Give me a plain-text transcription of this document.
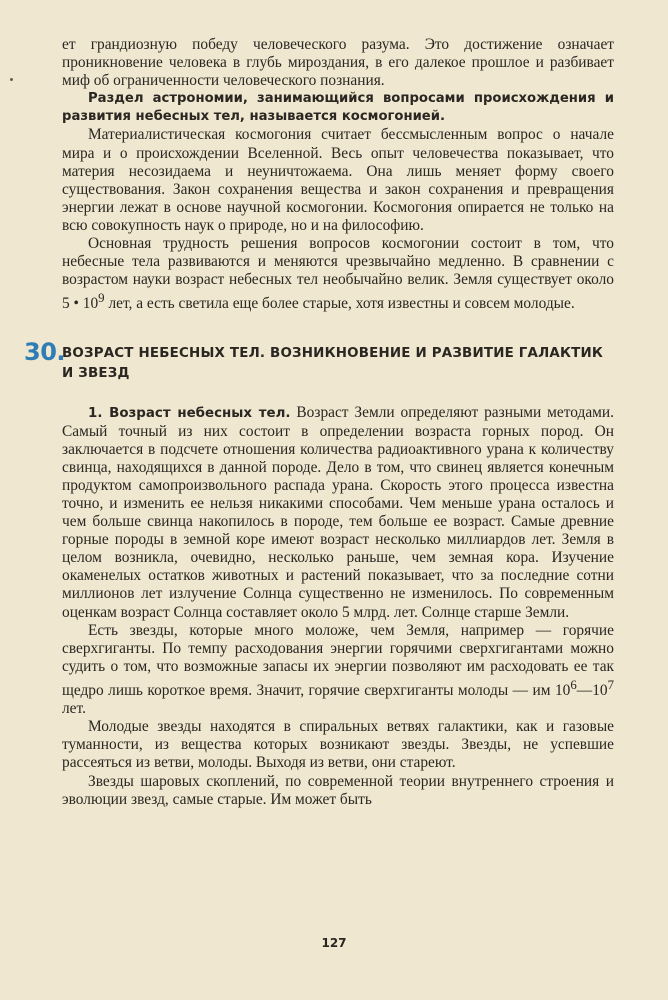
ет грандиозную победу человеческого разума. Это достижение означает проникновение человека в глубь мироздания, в его далекое прошлое и разбивает миф об ограниченности человеческого познания.

Раздел астрономии, занимающийся вопросами происхождения и развития небесных тел, называется космогонией.

Материалистическая космогония считает бессмысленным вопрос о начале мира и о происхождении Вселенной. Весь опыт человечества показывает, что материя несозидаема и неуничтожаема. Она лишь меняет форму своего существования. Закон сохранения вещества и закон сохранения и превращения энергии лежат в основе научной космогонии. Космогония опирается не только на всю совокупность наук о природе, но и на философию.

Основная трудность решения вопросов космогонии состоит в том, что небесные тела развиваются и меняются чрезвычайно медленно. В сравнении с возрастом науки возраст небесных тел необычайно велик. Земля существует около 5 • $10^9$ лет, а есть светила еще более старые, хотя известны и совсем молодые.

30.

ВОЗРАСТ НЕБЕСНЫХ ТЕЛ. ВОЗНИКНОВЕНИЕ И РАЗВИТИЕ ГАЛАКТИК И ЗВЕЗД

1. Возраст небесных тел. Возраст Земли определяют разными методами. Самый точный из них состоит в определении возраста горных пород. Он заключается в подсчете отношения количества радиоактивного урана к количеству свинца, находящихся в данной породе. Дело в том, что свинец является конечным продуктом самопроизвольного распада урана. Скорость этого процесса известна точно, и изменить ее нельзя никакими способами. Чем меньше урана осталось и чем больше свинца накопилось в породе, тем больше ее возраст. Самые древние горные породы в земной коре имеют возраст несколько миллиардов лет. Земля в целом возникла, очевидно, несколько раньше, чем земная кора. Изучение окаменелых остатков животных и растений показывает, что за последние сотни миллионов лет излучение Солнца существенно не изменилось. По современным оценкам возраст Солнца составляет около 5 млрд. лет. Солнце старше Земли.

Есть звезды, которые много моложе, чем Земля, например — горячие сверхгиганты. По темпу расходования энергии горячими сверхгигантами можно судить о том, что возможные запасы их энергии позволяют им расходовать ее так щедро лишь короткое время. Значит, горячие сверхгиганты молоды — им $10^6—10^7$ лет.

Молодые звезды находятся в спиральных ветвях галактики, как и газовые туманности, из вещества которых возникают звезды. Звезды, не успевшие рассеяться из ветви, молоды. Выходя из ветви, они стареют.

Звезды шаровых скоплений, по современной теории внутреннего строения и эволюции звезд, самые старые. Им может быть

127
